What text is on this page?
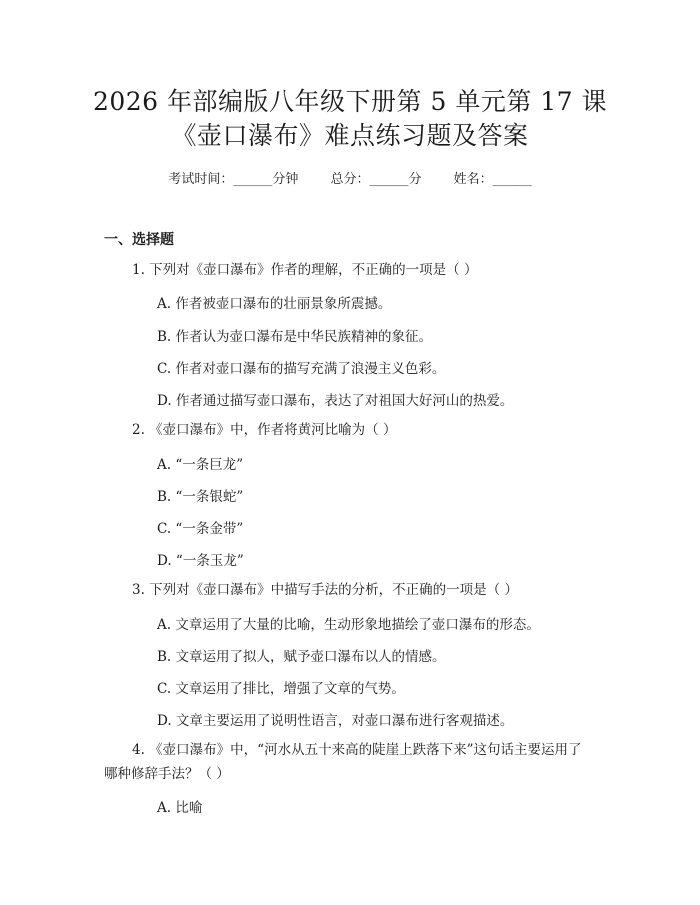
2026 年部编版八年级下册第 5 单元第 17 课
《壶口瀑布》难点练习题及答案
考试时间：______分钟 总分：______分 姓名：______
一、选择题
1. 下列对《壶口瀑布》作者的理解，不正确的一项是（ ）
A. 作者被壶口瀑布的壮丽景象所震撼。
B. 作者认为壶口瀑布是中华民族精神的象征。
C. 作者对壶口瀑布的描写充满了浪漫主义色彩。
D. 作者通过描写壶口瀑布，表达了对祖国大好河山的热爱。
2. 《壶口瀑布》中，作者将黄河比喻为（ ）
A. “一条巨龙”
B. “一条银蛇”
C. “一条金带”
D. “一条玉龙”
3. 下列对《壶口瀑布》中描写手法的分析，不正确的一项是（ ）
A. 文章运用了大量的比喻，生动形象地描绘了壶口瀑布的形态。
B. 文章运用了拟人，赋予壶口瀑布以人的情感。
C. 文章运用了排比，增强了文章的气势。
D. 文章主要运用了说明性语言，对壶口瀑布进行客观描述。
4. 《壶口瀑布》中，“河水从五十来高的陡崖上跌落下来”这句话主要运用了哪种修辞手法？（ ）
A. 比喻
